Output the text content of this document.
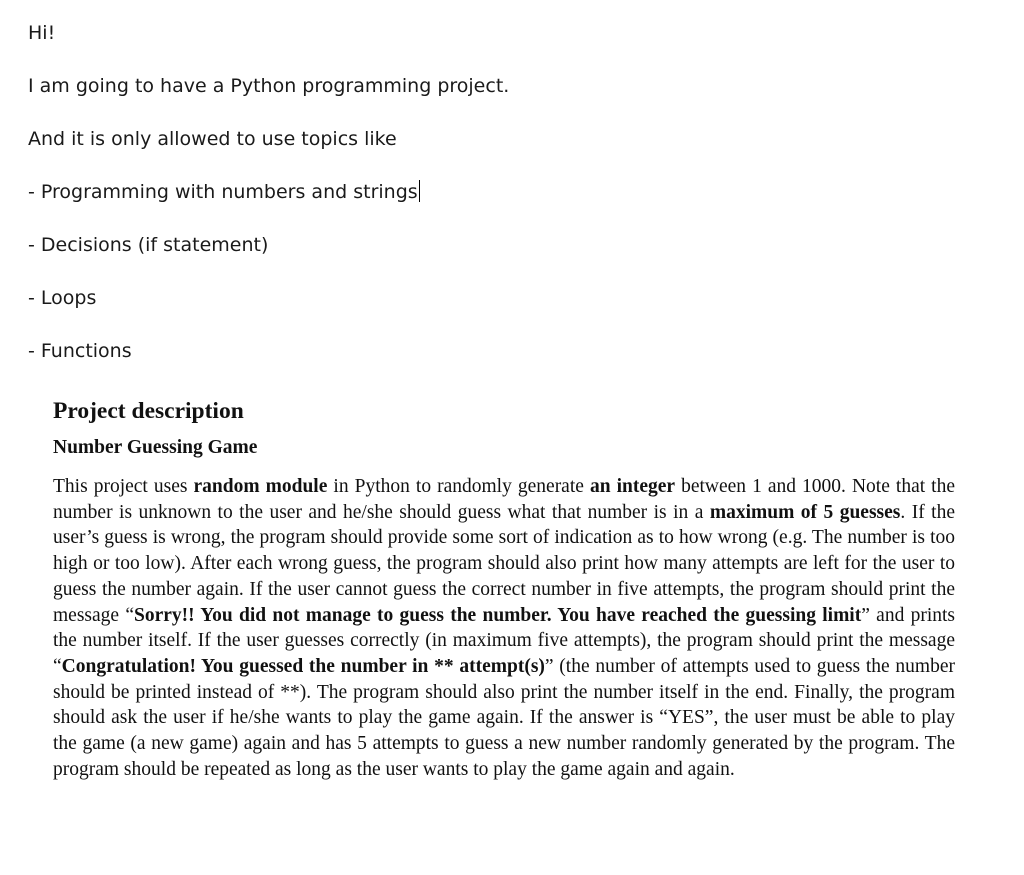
Hi!

I am going to have a Python programming project.

And it is only allowed to use topics like

- Programming with numbers and strings

- Decisions (if statement)

- Loops

- Functions

Project description
Number Guessing Game

This project uses random module in Python to randomly generate an integer between 1 and 1000. Note that the number is unknown to the user and he/she should guess what that number is in a maximum of 5 guesses. If the user’s guess is wrong, the program should provide some sort of indication as to how wrong (e.g. The number is too high or too low). After each wrong guess, the program should also print how many attempts are left for the user to guess the number again. If the user cannot guess the correct number in five attempts, the program should print the message “Sorry!! You did not manage to guess the number. You have reached the guessing limit” and prints the number itself. If the user guesses correctly (in maximum five attempts), the program should print the message “Congratulation! You guessed the number in ** attempt(s)” (the number of attempts used to guess the number should be printed instead of **). The program should also print the number itself in the end. Finally, the program should ask the user if he/she wants to play the game again. If the answer is “YES”, the user must be able to play the game (a new game) again and has 5 attempts to guess a new number randomly generated by the program. The program should be repeated as long as the user wants to play the game again and again.
